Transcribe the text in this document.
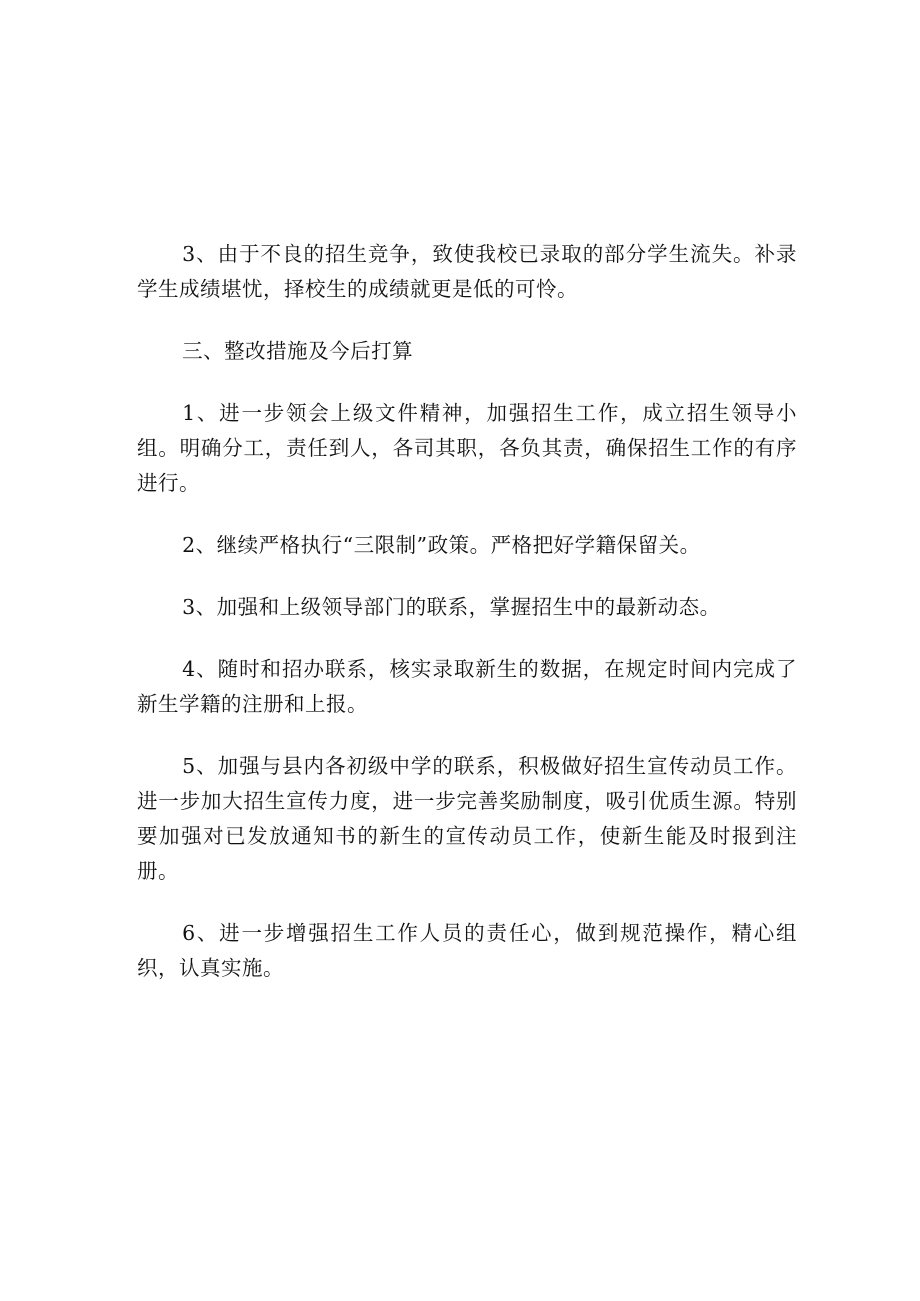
3、由于不良的招生竞争，致使我校已录取的部分学生流失。补录学生成绩堪忧，择校生的成绩就更是低的可怜。

三、整改措施及今后打算

1、进一步领会上级文件精神，加强招生工作，成立招生领导小组。明确分工，责任到人，各司其职，各负其责，确保招生工作的有序进行。

2、继续严格执行“三限制”政策。严格把好学籍保留关。

3、加强和上级领导部门的联系，掌握招生中的最新动态。

4、随时和招办联系，核实录取新生的数据，在规定时间内完成了新生学籍的注册和上报。

5、加强与县内各初级中学的联系，积极做好招生宣传动员工作。进一步加大招生宣传力度，进一步完善奖励制度，吸引优质生源。特别要加强对已发放通知书的新生的宣传动员工作，使新生能及时报到注册。

6、进一步增强招生工作人员的责任心，做到规范操作，精心组织，认真实施。
